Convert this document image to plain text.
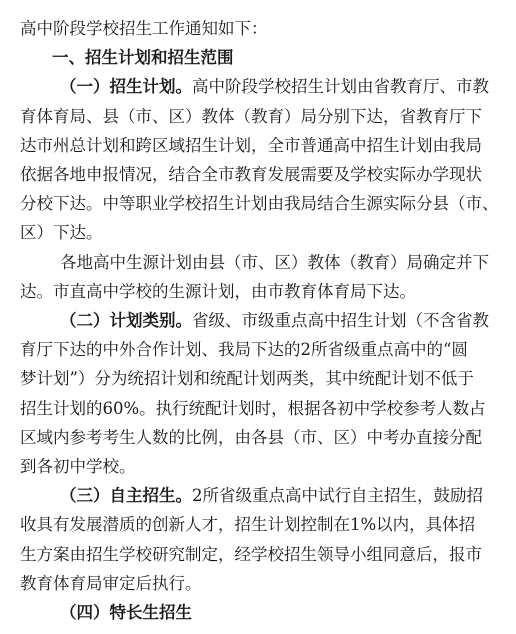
高中阶段学校招生工作通知如下：
一、招生计划和招生范围
（一）招生计划。高中阶段学校招生计划由省教育厅、市教
育体育局、县（市、区）教体（教育）局分别下达，省教育厅下
达市州总计划和跨区域招生计划，全市普通高中招生计划由我局
依据各地申报情况，结合全市教育发展需要及学校实际办学现状
分校下达。中等职业学校招生计划由我局结合生源实际分县（市、
区）下达。
各地高中生源计划由县（市、区）教体（教育）局确定并下
达。市直高中学校的生源计划，由市教育体育局下达。
（二）计划类别。省级、市级重点高中招生计划（不含省教
育厅下达的中外合作计划、我局下达的2所省级重点高中的“圆
梦计划”）分为统招计划和统配计划两类，其中统配计划不低于
招生计划的60%。执行统配计划时，根据各初中学校参考人数占
区域内参考考生人数的比例，由各县（市、区）中考办直接分配
到各初中学校。
（三）自主招生。2所省级重点高中试行自主招生，鼓励招
收具有发展潜质的创新人才，招生计划控制在1%以内，具体招
生方案由招生学校研究制定，经学校招生领导小组同意后，报市
教育体育局审定后执行。
（四）特长生招生
